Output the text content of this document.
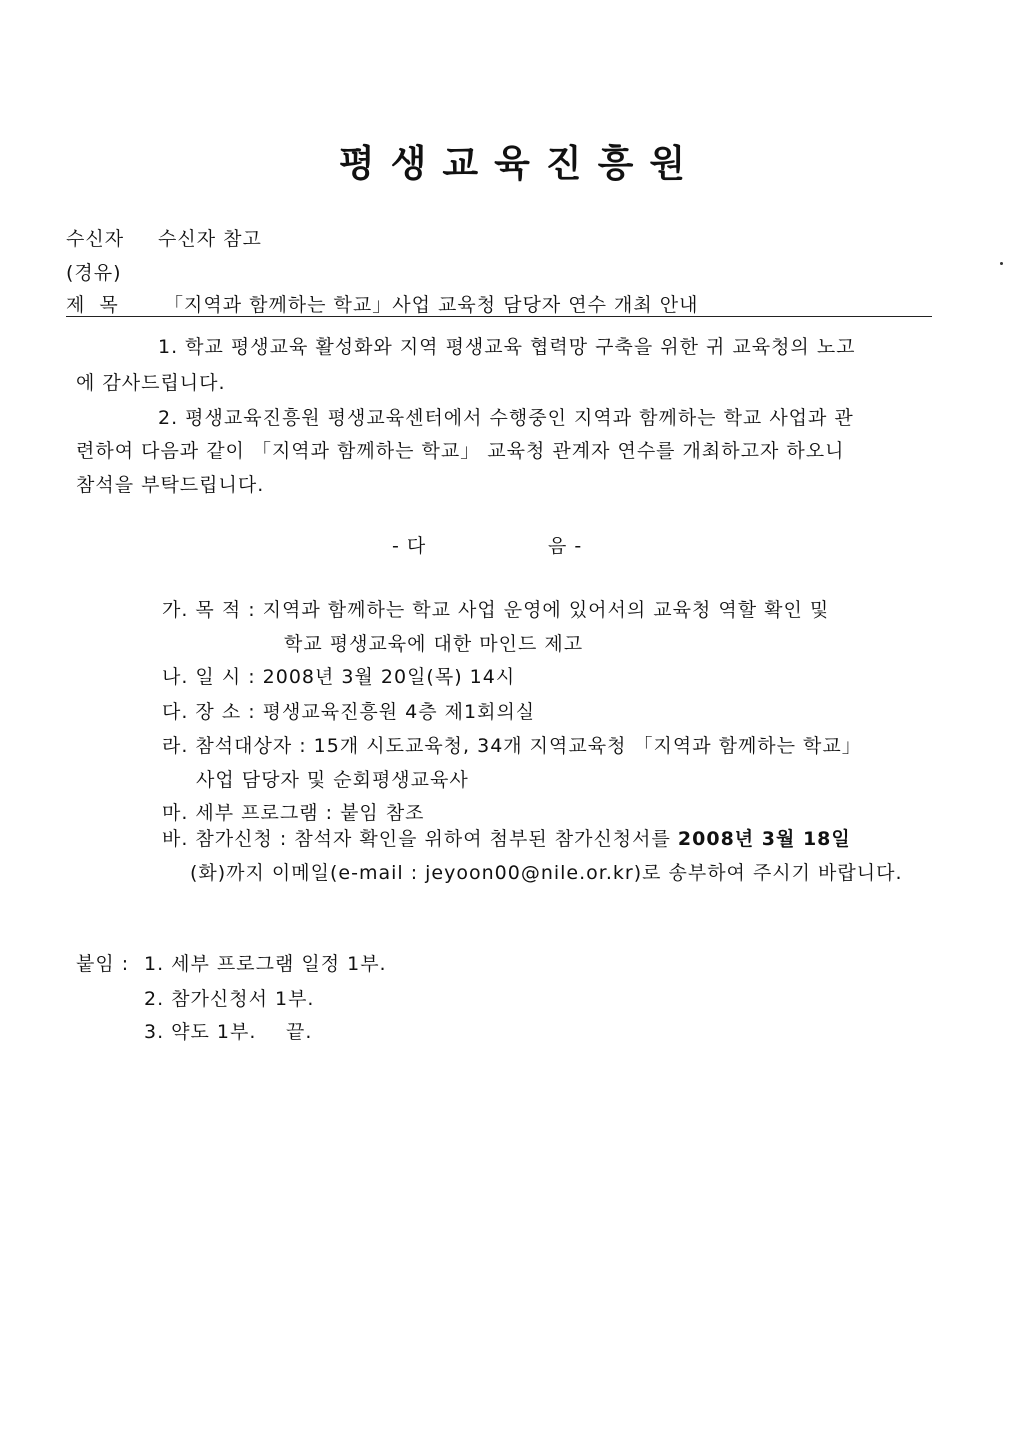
평생교육진흥원
수신자 수신자 참고
(경유)
제  목 「지역과 함께하는 학교」사업 교육청 담당자 연수 개최 안내
1. 학교 평생교육 활성화와 지역 평생교육 협력망 구축을 위한 귀 교육청의 노고
에 감사드립니다.
2. 평생교육진흥원 평생교육센터에서 수행중인 지역과 함께하는 학교 사업과 관
련하여 다음과 같이 「지역과 함께하는 학교」 교육청 관계자 연수를 개최하고자 하오니
참석을 부탁드립니다.
- 다	음 -
가. 목 적 : 지역과 함께하는 학교 사업 운영에 있어서의 교육청 역할 확인 및
학교 평생교육에 대한 마인드 제고
나. 일 시 : 2008년 3월 20일(목) 14시
다. 장 소 : 평생교육진흥원 4층 제1회의실
라. 참석대상자 : 15개 시도교육청, 34개 지역교육청 「지역과 함께하는 학교」
사업 담당자 및 순회평생교육사
마. 세부 프로그램 : 붙임 참조
바. 참가신청 : 참석자 확인을 위하여 첨부된 참가신청서를 2008년 3월 18일
(화)까지 이메일(e-mail : jeyoon00@nile.or.kr)로 송부하여 주시기 바랍니다.
붙임 : 1. 세부 프로그램 일정 1부.
2. 참가신청서 1부.
3. 약도 1부. 끝.
